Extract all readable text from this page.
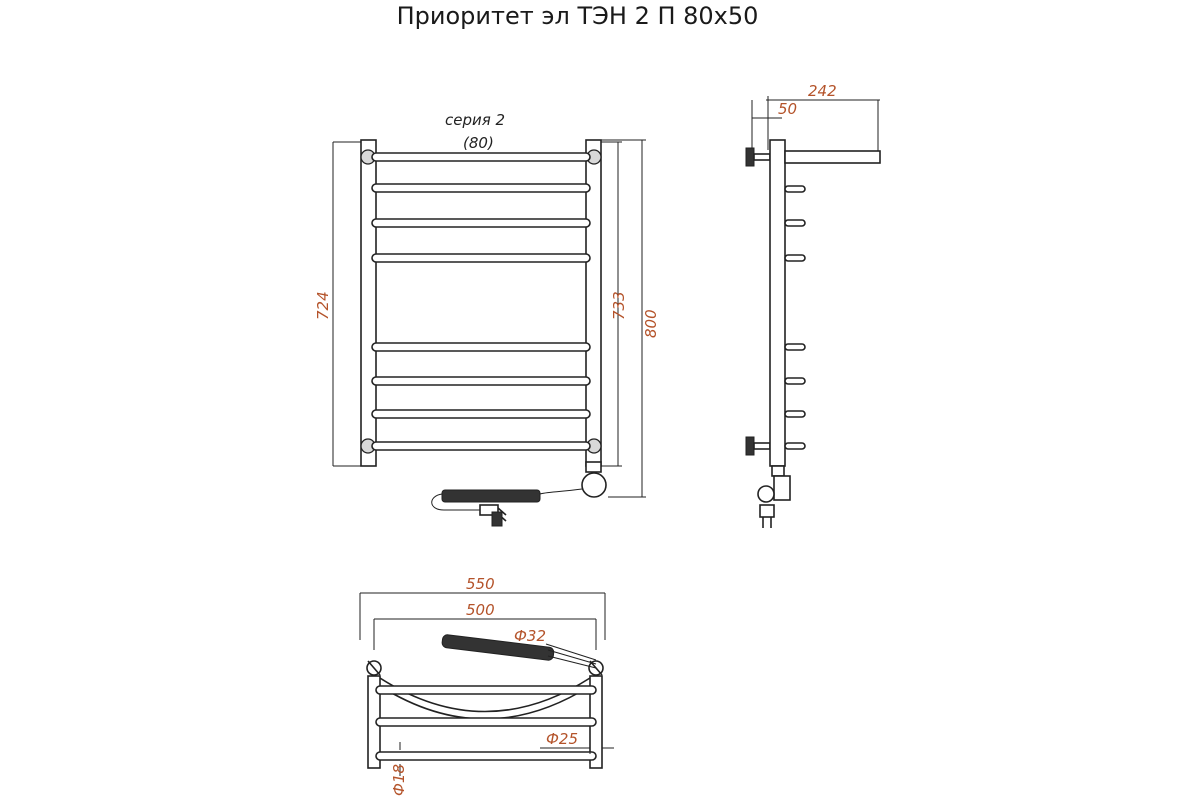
Приоритет эл ТЭН 2 П 80х50
724
серия 2
(80)
733
800
242
50
550
500
Ф32
Ф25
Ф18
